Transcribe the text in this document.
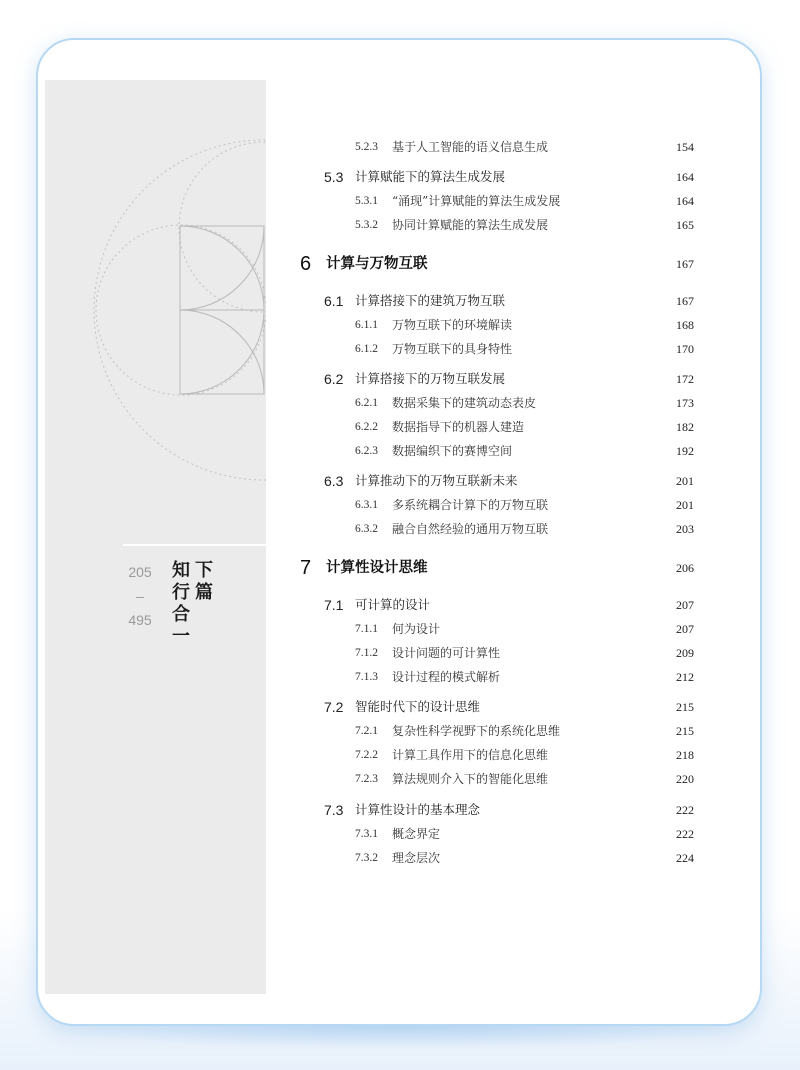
205
–
495
知
行
合
一
下
篇
5.2.3 基于人工智能的语义信息生成	154
5.3 计算赋能下的算法生成发展	164
5.3.1 “涌现”计算赋能的算法生成发展	164
5.3.2 协同计算赋能的算法生成发展	165
6 计算与万物互联	167
6.1 计算搭接下的建筑万物互联	167
6.1.1 万物互联下的环境解读	168
6.1.2 万物互联下的具身特性	170
6.2 计算搭接下的万物互联发展	172
6.2.1 数据采集下的建筑动态表皮	173
6.2.2 数据指导下的机器人建造	182
6.2.3 数据编织下的赛博空间	192
6.3 计算推动下的万物互联新未来	201
6.3.1 多系统耦合计算下的万物互联	201
6.3.2 融合自然经验的通用万物互联	203
7 计算性设计思维	206
7.1 可计算的设计	207
7.1.1 何为设计	207
7.1.2 设计问题的可计算性	209
7.1.3 设计过程的模式解析	212
7.2 智能时代下的设计思维	215
7.2.1 复杂性科学视野下的系统化思维	215
7.2.2 计算工具作用下的信息化思维	218
7.2.3 算法规则介入下的智能化思维	220
7.3 计算性设计的基本理念	222
7.3.1 概念界定	222
7.3.2 理念层次	224
